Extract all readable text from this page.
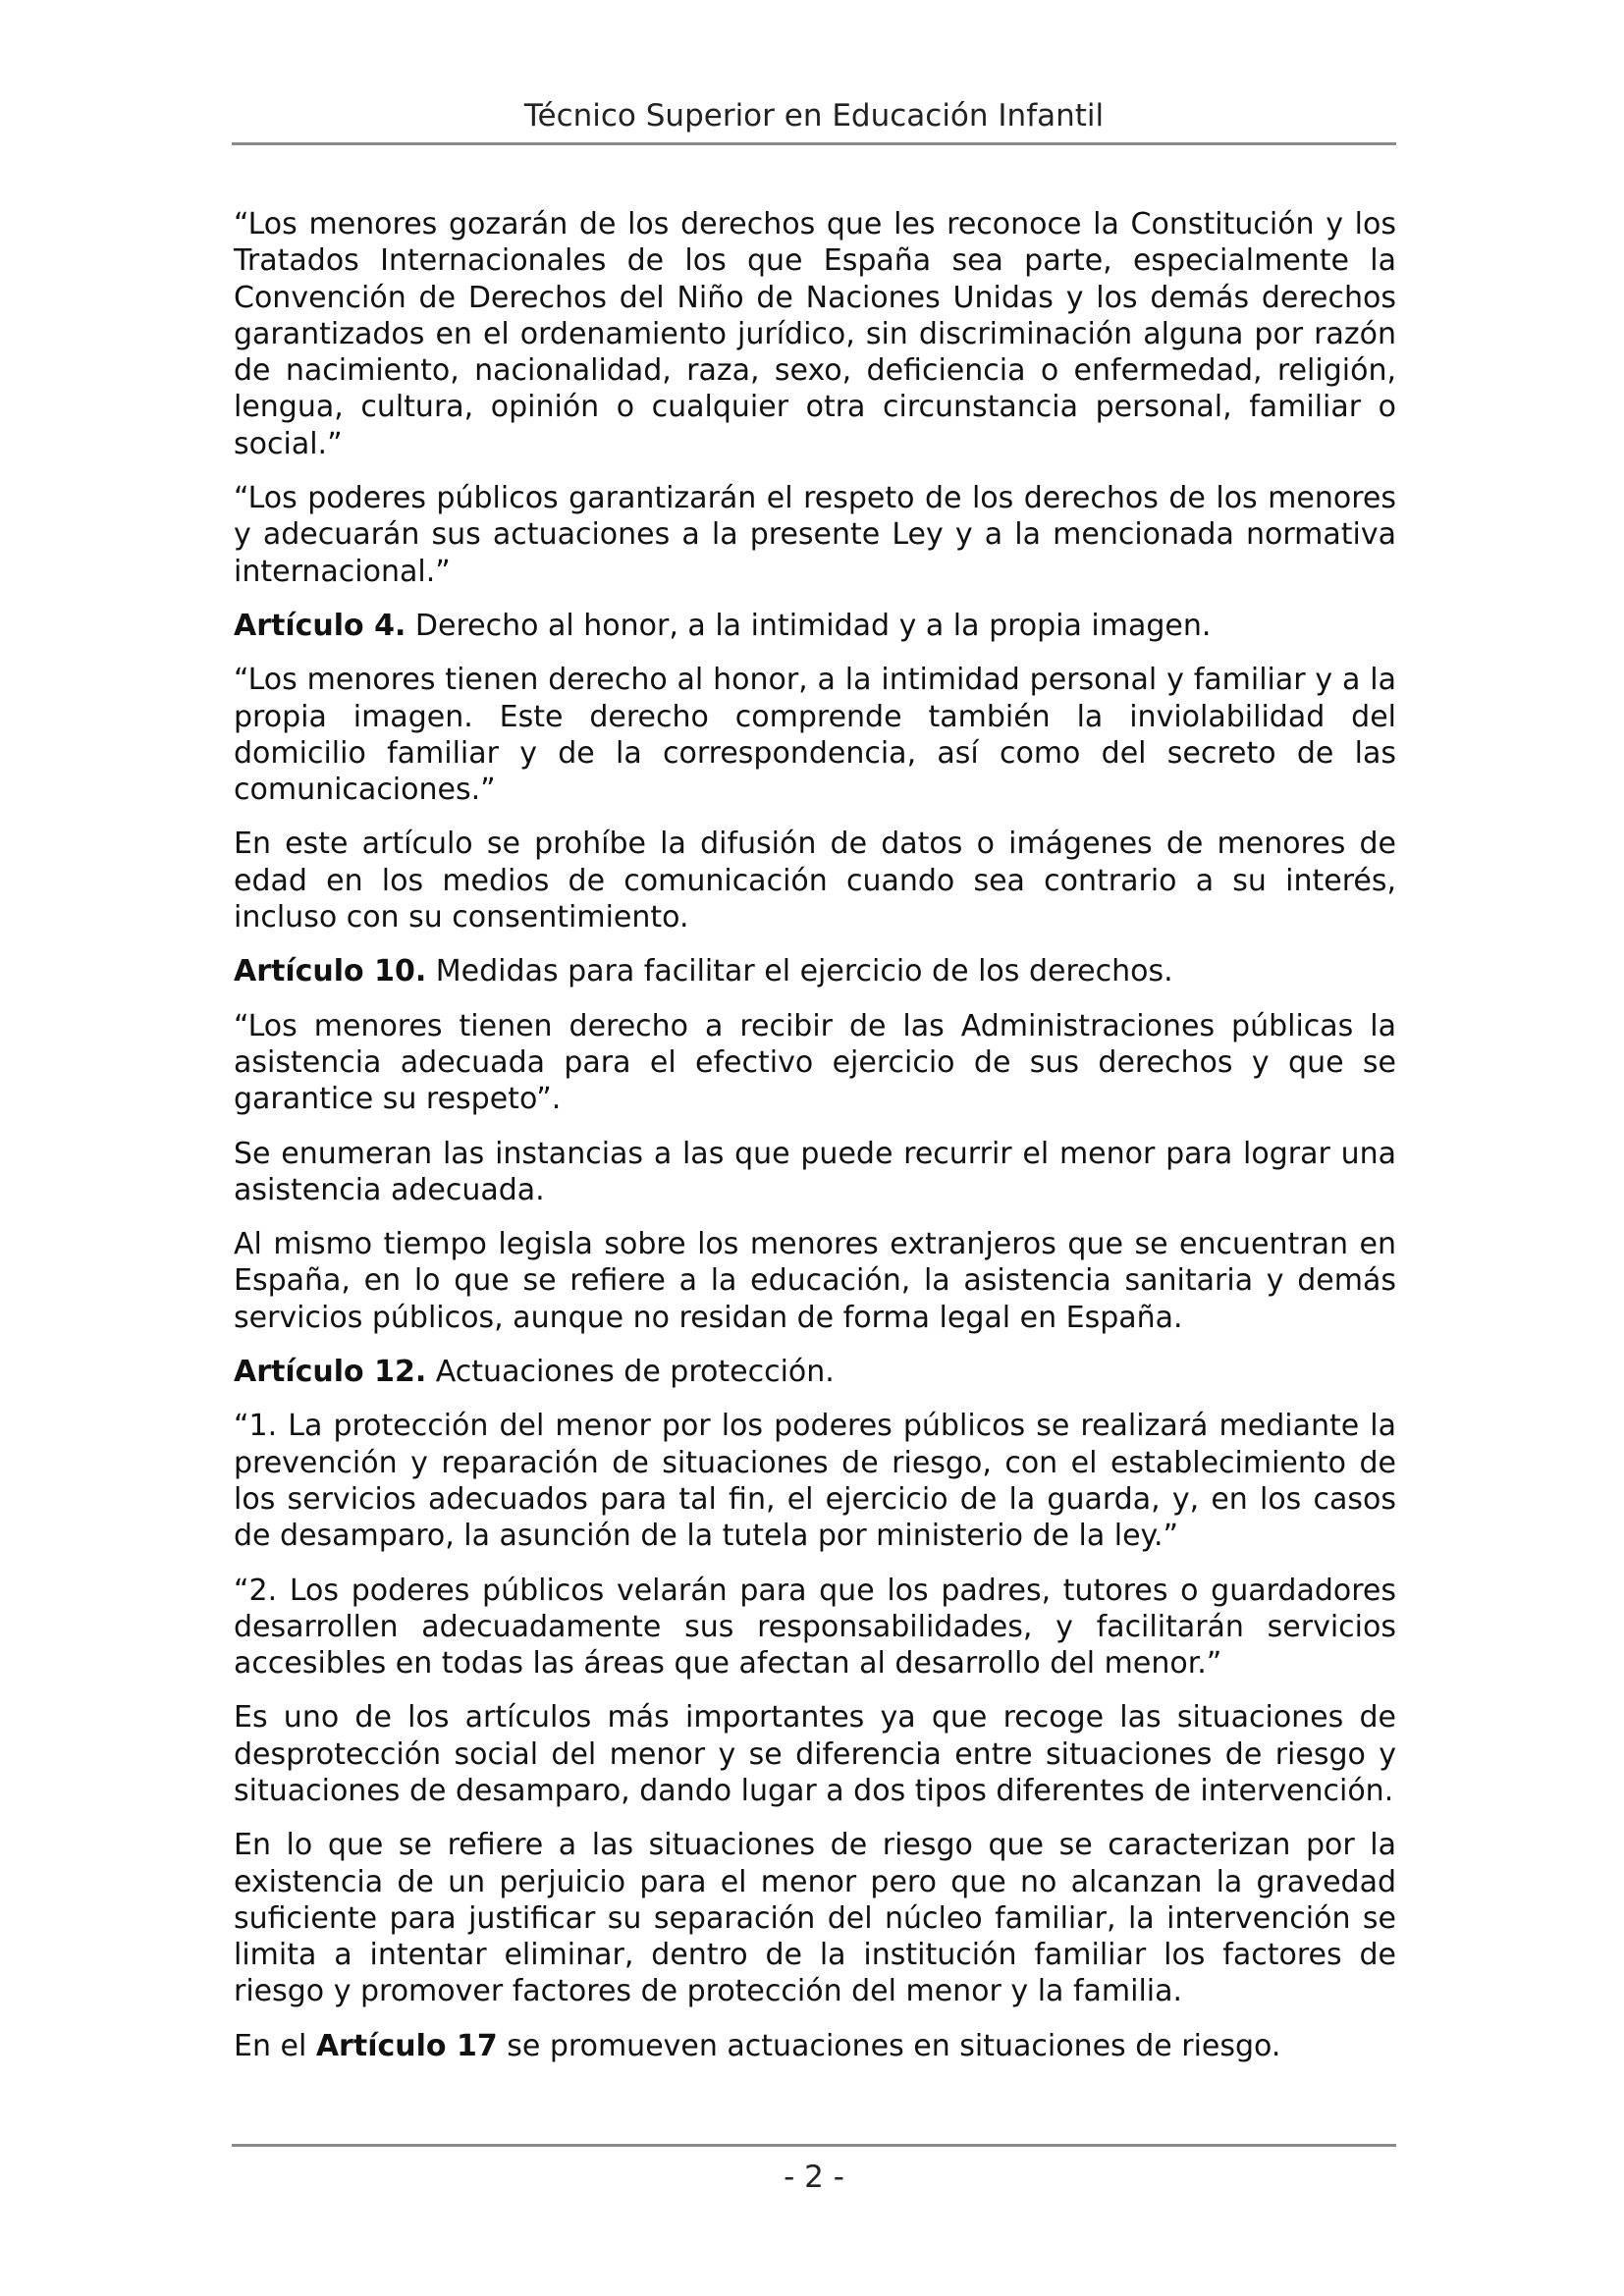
Técnico Superior en Educación Infantil

“Los menores gozarán de los derechos que les reconoce la Constitución y los Tratados Internacionales de los que España sea parte, especialmente la Convención de Derechos del Niño de Naciones Unidas y los demás derechos garantizados en el ordenamiento jurídico, sin discriminación alguna por razón de nacimiento, nacionalidad, raza, sexo, deficiencia o enfermedad, religión, lengua, cultura, opinión o cualquier otra circunstancia personal, familiar o social.”

“Los poderes públicos garantizarán el respeto de los derechos de los menores y adecuarán sus actuaciones a la presente Ley y a la mencionada normativa internacional.”

Artículo 4. Derecho al honor, a la intimidad y a la propia imagen.

“Los menores tienen derecho al honor, a la intimidad personal y familiar y a la propia imagen. Este derecho comprende también la inviolabilidad del domicilio familiar y de la correspondencia, así como del secreto de las comunicaciones.”

En este artículo se prohíbe la difusión de datos o imágenes de menores de edad en los medios de comunicación cuando sea contrario a su interés, incluso con su consentimiento.

Artículo 10. Medidas para facilitar el ejercicio de los derechos.

“Los menores tienen derecho a recibir de las Administraciones públicas la asistencia adecuada para el efectivo ejercicio de sus derechos y que se garantice su respeto”.

Se enumeran las instancias a las que puede recurrir el menor para lograr una asistencia adecuada.

Al mismo tiempo legisla sobre los menores extranjeros que se encuentran en España, en lo que se refiere a la educación, la asistencia sanitaria y demás servicios públicos, aunque no residan de forma legal en España.

Artículo 12. Actuaciones de protección.

“1. La protección del menor por los poderes públicos se realizará mediante la prevención y reparación de situaciones de riesgo, con el establecimiento de los servicios adecuados para tal fin, el ejercicio de la guarda, y, en los casos de desamparo, la asunción de la tutela por ministerio de la ley.”

“2. Los poderes públicos velarán para que los padres, tutores o guardadores desarrollen adecuadamente sus responsabilidades, y facilitarán servicios accesibles en todas las áreas que afectan al desarrollo del menor.”

Es uno de los artículos más importantes ya que recoge las situaciones de desprotección social del menor y se diferencia entre situaciones de riesgo y situaciones de desamparo, dando lugar a dos tipos diferentes de intervención.

En lo que se refiere a las situaciones de riesgo que se caracterizan por la existencia de un perjuicio para el menor pero que no alcanzan la gravedad suficiente para justificar su separación del núcleo familiar, la intervención se limita a intentar eliminar, dentro de la institución familiar los factores de riesgo y promover factores de protección del menor y la familia.

En el Artículo 17 se promueven actuaciones en situaciones de riesgo.

- 2 -
